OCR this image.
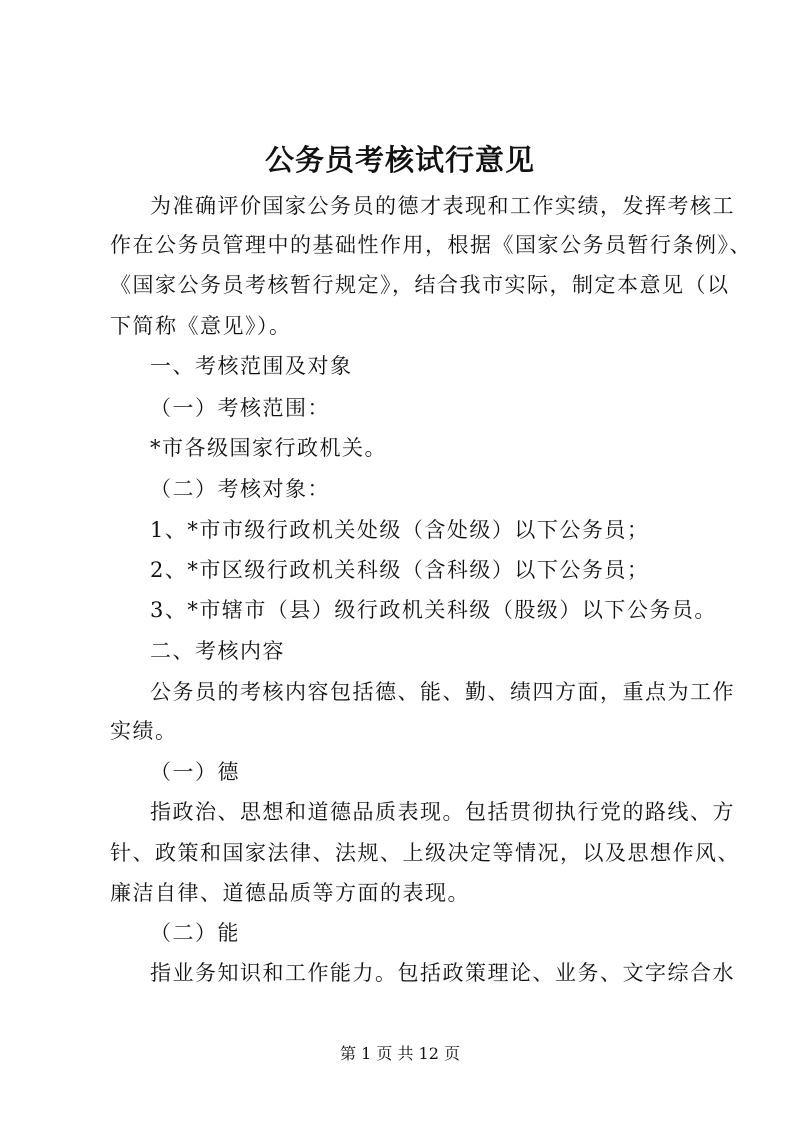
公务员考核试行意见
为准确评价国家公务员的德才表现和工作实绩，发挥考核工
作在公务员管理中的基础性作用，根据《国家公务员暂行条例》、
《国家公务员考核暂行规定》，结合我市实际，制定本意见（以
下简称《意见》）。
一、考核范围及对象
（一）考核范围：
*市各级国家行政机关。
（二）考核对象：
1、*市市级行政机关处级（含处级）以下公务员；
2、*市区级行政机关科级（含科级）以下公务员；
3、*市辖市（县）级行政机关科级（股级）以下公务员。
二、考核内容
公务员的考核内容包括德、能、勤、绩四方面，重点为工作
实绩。
（一）德
指政治、思想和道德品质表现。包括贯彻执行党的路线、方
针、政策和国家法律、法规、上级决定等情况，以及思想作风、
廉洁自律、道德品质等方面的表现。
（二）能
指业务知识和工作能力。包括政策理论、业务、文字综合水
第 1 页 共 12 页
